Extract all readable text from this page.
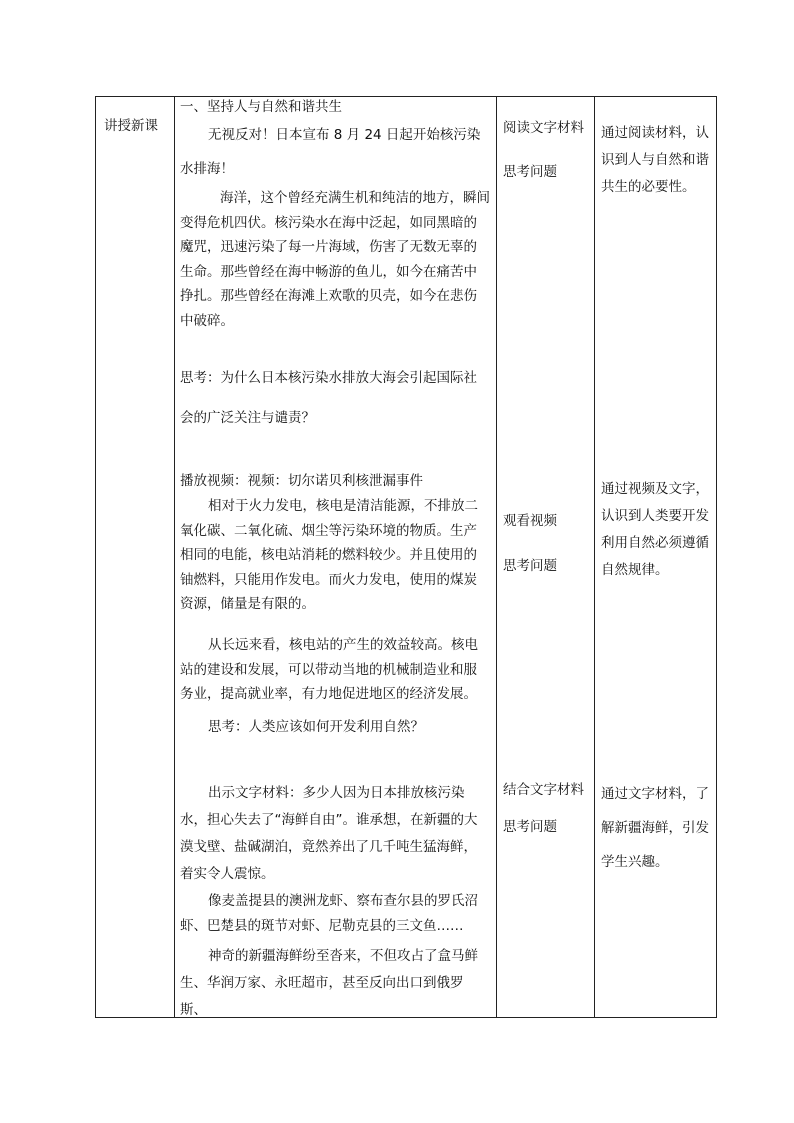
讲授新课
一、坚持人与自然和谐共生
无视反对！日本宣布 8 月 24 日起开始核污染
水排海！
海洋，这个曾经充满生机和纯洁的地方，瞬间变得危机四伏。核污染水在海中泛起，如同黑暗的魔咒，迅速污染了每一片海域，伤害了无数无辜的生命。那些曾经在海中畅游的鱼儿，如今在痛苦中挣扎。那些曾经在海滩上欢歌的贝壳，如今在悲伤中破碎。
思考：为什么日本核污染水排放大海会引起国际社
会的广泛关注与谴责？
播放视频：视频：切尔诺贝利核泄漏事件
相对于火力发电，核电是清洁能源，不排放二氧化碳、二氧化硫、烟尘等污染环境的物质。生产相同的电能，核电站消耗的燃料较少。并且使用的铀燃料，只能用作发电。而火力发电，使用的煤炭资源，储量是有限的。
从长远来看，核电站的产生的效益较高。核电站的建设和发展，可以带动当地的机械制造业和服务业，提高就业率，有力地促进地区的经济发展。
思考：人类应该如何开发利用自然？
出示文字材料：多少人因为日本排放核污染水，担心失去了“海鲜自由”。谁承想，在新疆的大漠戈壁、盐碱湖泊，竟然养出了几千吨生猛海鲜，着实令人震惊。
像麦盖提县的澳洲龙虾、察布查尔县的罗氏沼虾、巴楚县的斑节对虾、尼勒克县的三文鱼……
神奇的新疆海鲜纷至沓来，不但攻占了盒马鲜生、华润万家、永旺超市，甚至反向出口到俄罗斯、
阅读文字材料
思考问题
观看视频
思考问题
结合文字材料
思考问题
通过阅读材料，认识到人与自然和谐共生的必要性。
通过视频及文字，认识到人类要开发利用自然必须遵循自然规律。
通过文字材料，了解新疆海鲜，引发学生兴趣。
